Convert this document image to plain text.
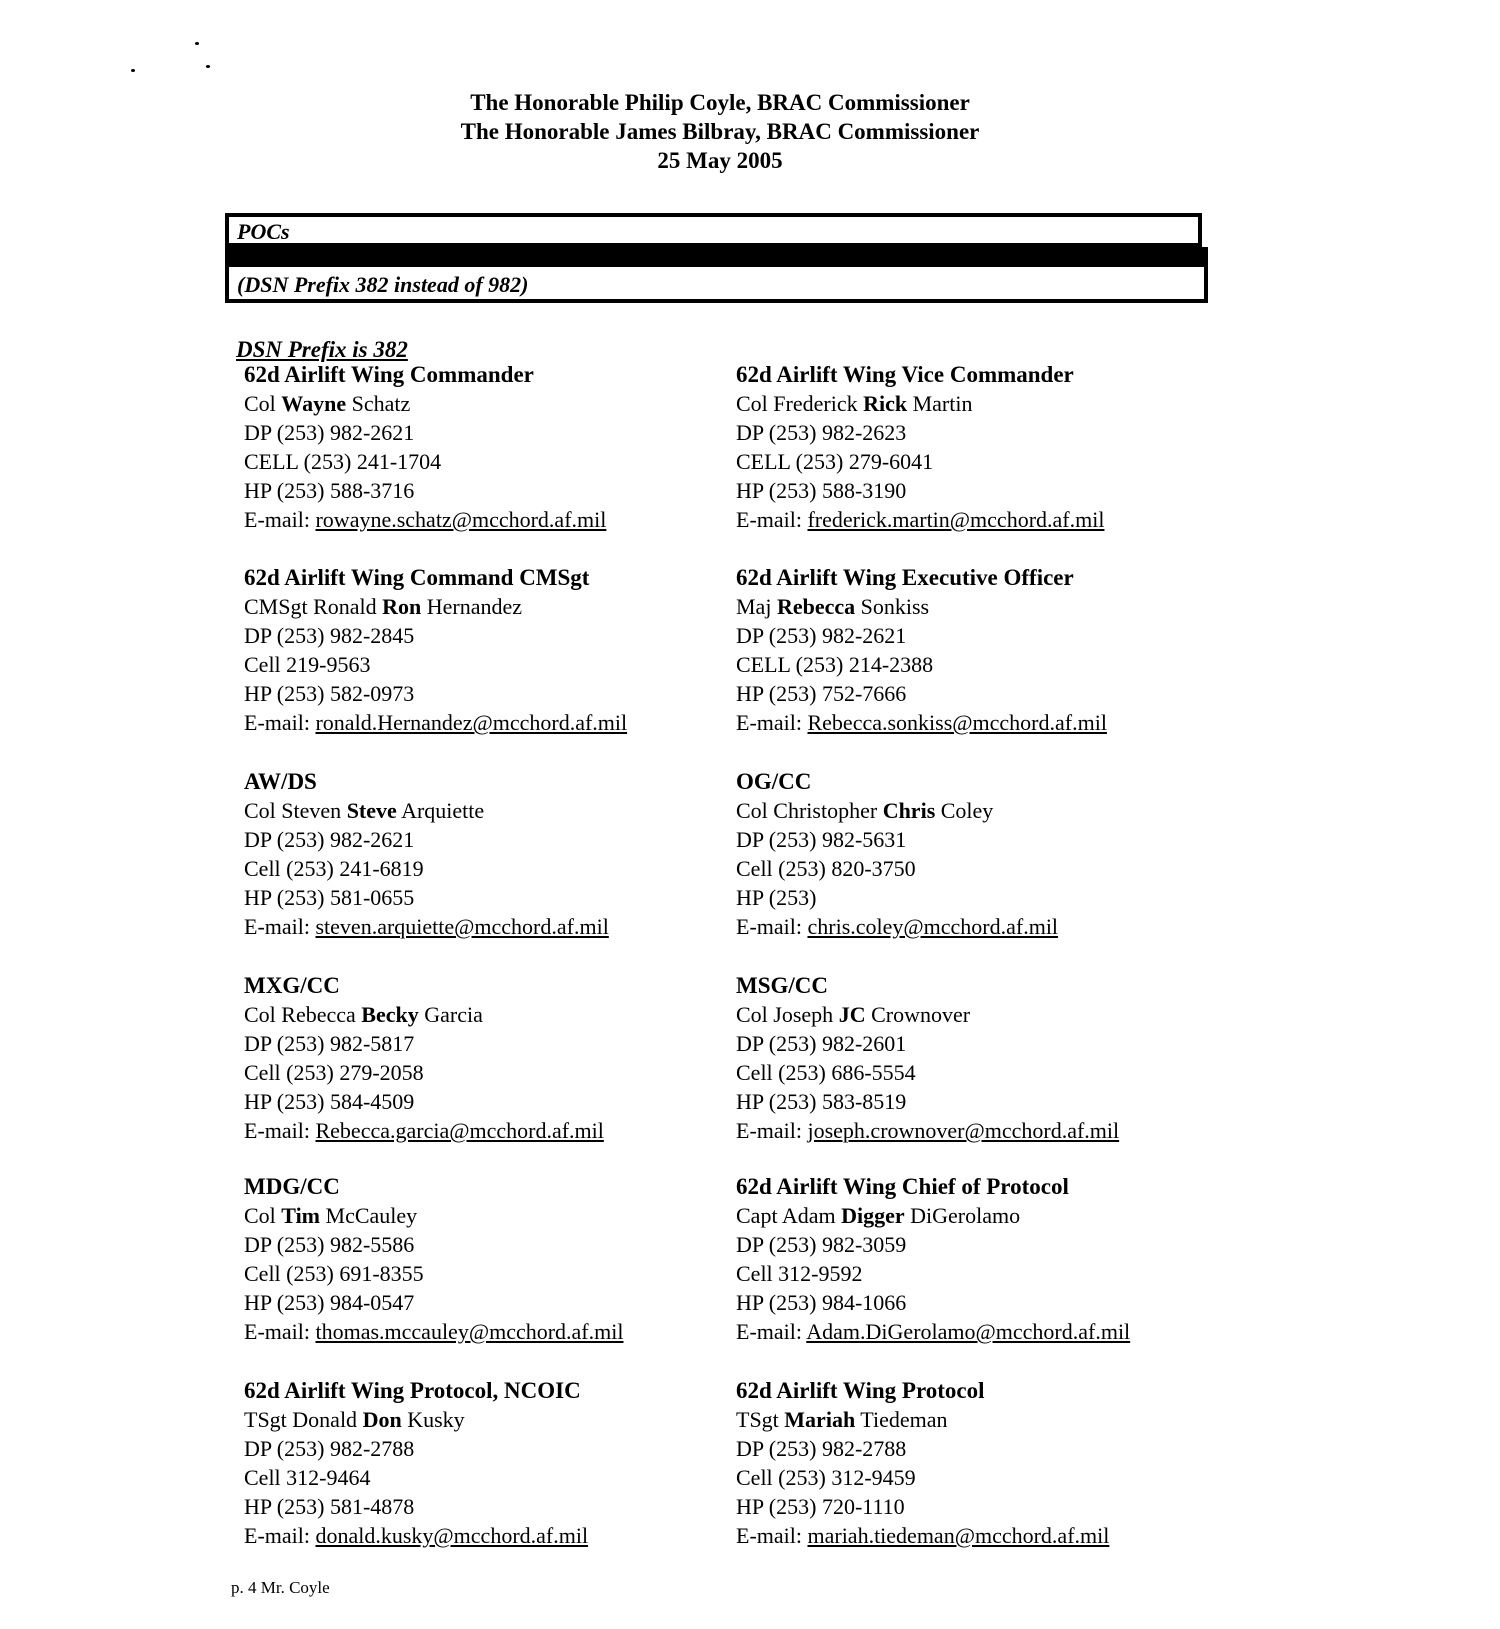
The Honorable Philip Coyle, BRAC Commissioner
The Honorable James Bilbray, BRAC Commissioner
25 May 2005
POCs
(DSN Prefix 382 instead of 982)
DSN Prefix is 382
62d Airlift Wing Commander
Col Wayne Schatz
DP (253) 982-2621
CELL (253) 241-1704
HP (253) 588-3716
E-mail: rowayne.schatz@mcchord.af.mil
62d Airlift Wing Vice Commander
Col Frederick Rick Martin
DP (253) 982-2623
CELL (253) 279-6041
HP (253) 588-3190
E-mail: frederick.martin@mcchord.af.mil
62d Airlift Wing Command CMSgt
CMSgt Ronald Ron Hernandez
DP (253) 982-2845
Cell 219-9563
HP (253) 582-0973
E-mail: ronald.Hernandez@mcchord.af.mil
62d Airlift Wing Executive Officer
Maj Rebecca Sonkiss
DP (253) 982-2621
CELL (253) 214-2388
HP (253) 752-7666
E-mail: Rebecca.sonkiss@mcchord.af.mil
AW/DS
Col Steven Steve Arquiette
DP (253) 982-2621
Cell (253) 241-6819
HP (253) 581-0655
E-mail: steven.arquiette@mcchord.af.mil
OG/CC
Col Christopher Chris Coley
DP (253) 982-5631
Cell (253) 820-3750
HP (253)
E-mail: chris.coley@mcchord.af.mil
MXG/CC
Col Rebecca Becky Garcia
DP (253) 982-5817
Cell (253) 279-2058
HP (253) 584-4509
E-mail: Rebecca.garcia@mcchord.af.mil
MSG/CC
Col Joseph JC Crownover
DP (253) 982-2601
Cell (253) 686-5554
HP (253) 583-8519
E-mail: joseph.crownover@mcchord.af.mil
MDG/CC
Col Tim McCauley
DP (253) 982-5586
Cell (253) 691-8355
HP (253) 984-0547
E-mail: thomas.mccauley@mcchord.af.mil
62d Airlift Wing Chief of Protocol
Capt Adam Digger DiGerolamo
DP (253) 982-3059
Cell 312-9592
HP (253) 984-1066
E-mail: Adam.DiGerolamo@mcchord.af.mil
62d Airlift Wing Protocol, NCOIC
TSgt Donald Don Kusky
DP (253) 982-2788
Cell 312-9464
HP (253) 581-4878
E-mail: donald.kusky@mcchord.af.mil
62d Airlift Wing Protocol
TSgt Mariah Tiedeman
DP (253) 982-2788
Cell (253) 312-9459
HP (253) 720-1110
E-mail: mariah.tiedeman@mcchord.af.mil
p. 4 Mr. Coyle
